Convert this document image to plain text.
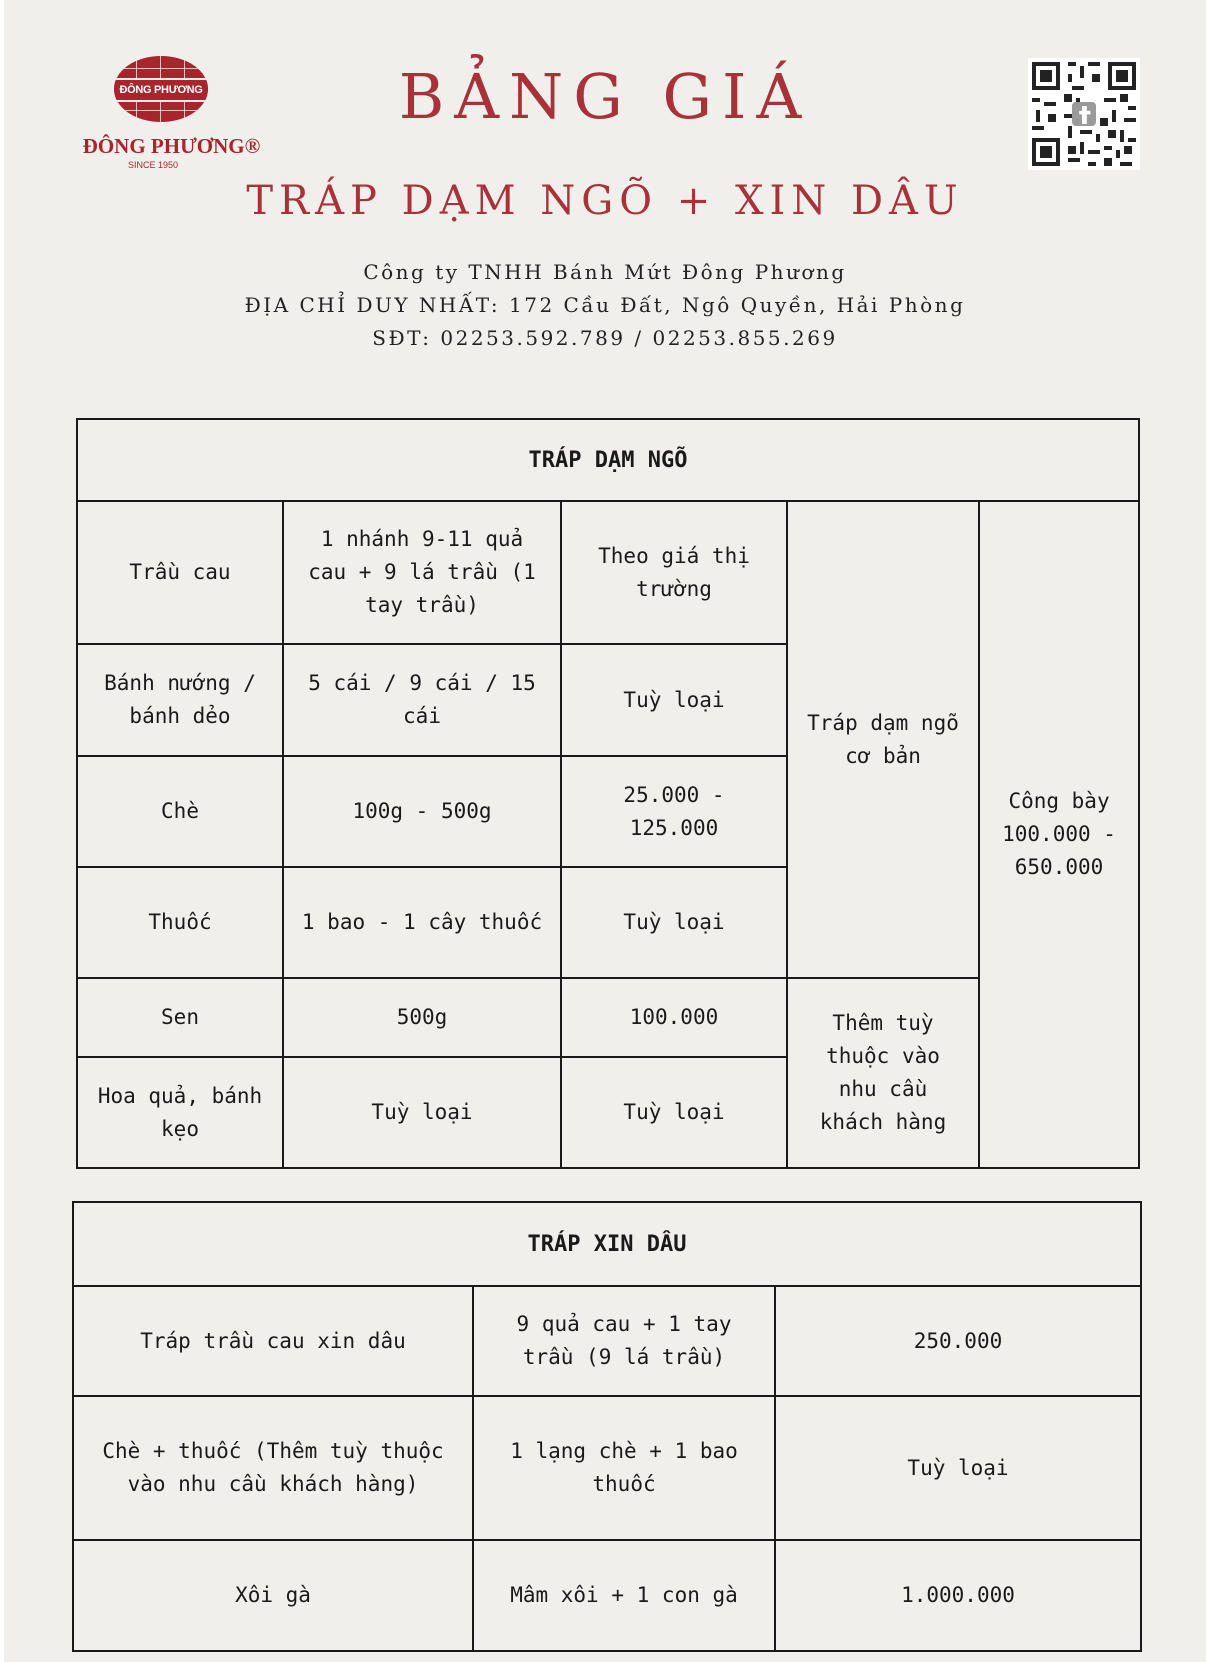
ĐÔNG PHƯƠNG
ĐÔNG PHƯƠNG®
SINCE 1950
BẢNG GIÁ
TRÁP DẠM NGÕ + XIN DÂU
Công ty TNHH Bánh Mứt Đông Phương
ĐỊA CHỈ DUY NHẤT: 172 Cầu Đất, Ngô Quyền, Hải Phòng
SĐT: 02253.592.789 / 02253.855.269
TRÁP DẠM NGÕ				
Trầu cau	1 nhánh 9-11 quả cau + 9 lá trầu (1 tay trầu)	Theo giá thị trường	Tráp dạm ngõ cơ bản	Công bày 100.000 - 650.000
Bánh nướng / bánh dẻo	5 cái / 9 cái / 15 cái	Tuỳ loại		
Chè	100g - 500g	25.000 - 125.000		
Thuốc	1 bao - 1 cây thuốc	Tuỳ loại		
Sen	500g	100.000	Thêm tuỳ thuộc vào nhu cầu khách hàng	
Hoa quả, bánh kẹo	Tuỳ loại	Tuỳ loại		
TRÁP XIN DÂU		
Tráp trầu cau xin dâu	9 quả cau + 1 tay trầu (9 lá trầu)	250.000
Chè + thuốc (Thêm tuỳ thuộc vào nhu cầu khách hàng)	1 lạng chè + 1 bao thuốc	Tuỳ loại
Xôi gà	Mâm xôi + 1 con gà	1.000.000
